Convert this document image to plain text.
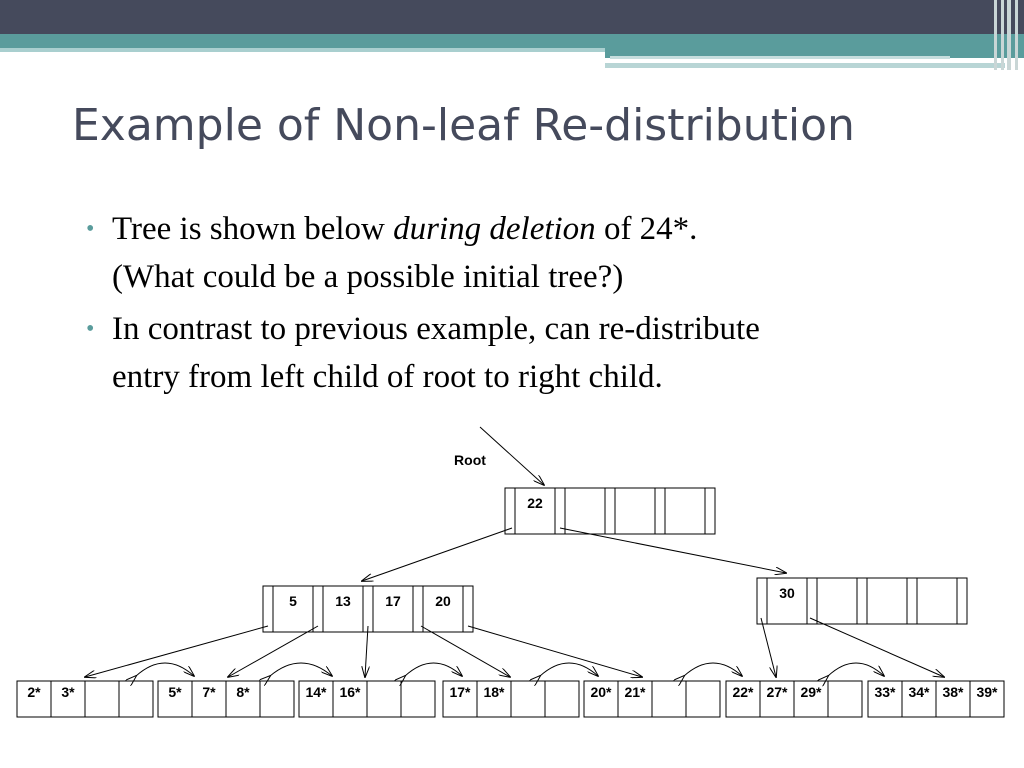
Example of Non-leaf Re-distribution
• Tree is shown below during deletion of 24*.
(What could be a possible initial tree?)
• In contrast to previous example, can re-distribute
entry from left child of root to right child.
Root
22
5	13 17 20	30
2* 3*	5* 7* 8*	14* 16*	17* 18*	20* 21*	22* 27* 29*	33* 34* 38* 39*
